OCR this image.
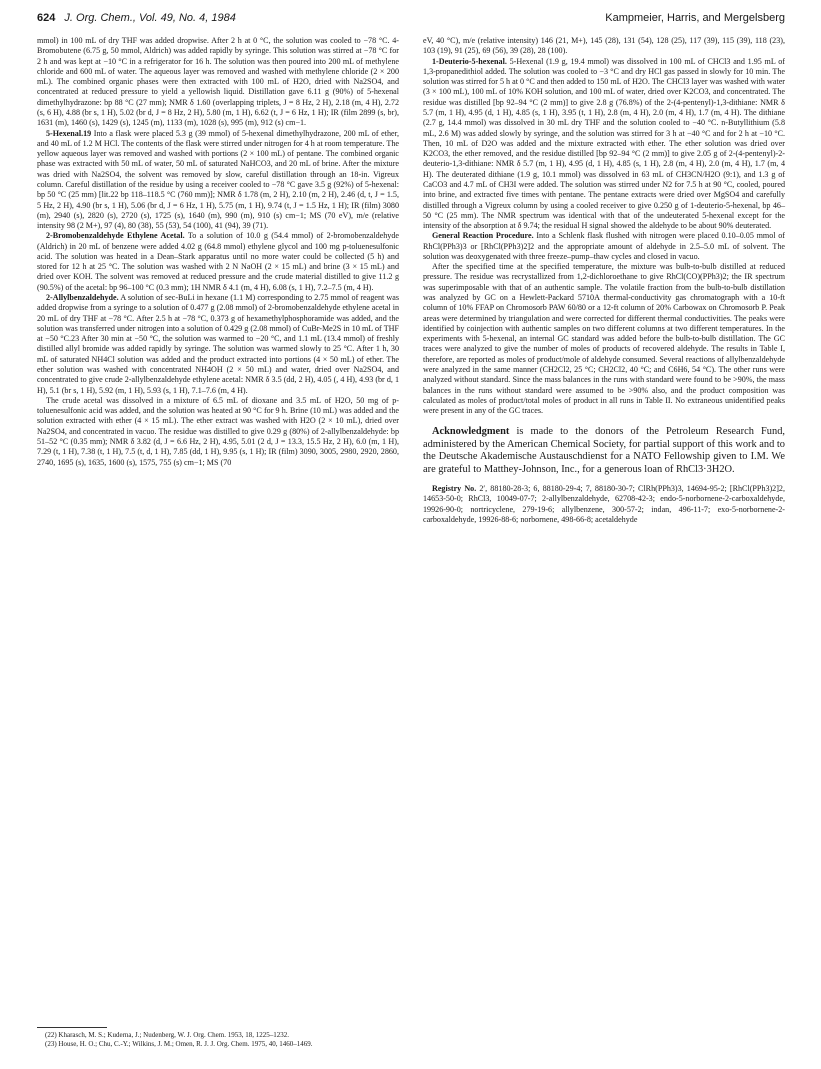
624 J. Org. Chem., Vol. 49, No. 4, 1984	Kampmeier, Harris, and Mergelsberg

mmol) in 100 mL of dry THF was added dropwise. After 2 h at 0 °C, the solution was cooled to −78 °C. 4-Bromobutene (6.75 g, 50 mmol, Aldrich) was added rapidly by syringe. This solution was stirred at −78 °C for 2 h and was kept at −10 °C in a refrigerator for 16 h. The solution was then poured into 200 mL of methylene chloride and 600 mL of water. The aqueous layer was removed and washed with methylene chloride (2 × 200 mL). The combined organic phases were then extracted with 100 mL of H2O, dried with Na2SO4, and concentrated at reduced pressure to yield a yellowish liquid. Distillation gave 6.11 g (90%) of 5-hexenal dimethylhydrazone: bp 88 °C (27 mm); NMR δ 1.60 (overlapping triplets, J = 8 Hz, 2 H), 2.18 (m, 4 H), 2.72 (s, 6 H), 4.88 (br s, 1 H), 5.02 (br d, J = 8 Hz, 2 H), 5.80 (m, 1 H), 6.62 (t, J = 6 Hz, 1 H); IR (film 2899 (s, br), 1631 (m), 1460 (s), 1429 (s), 1245 (m), 1133 (m), 1028 (s), 995 (m), 912 (s) cm−1.

5-Hexenal.19 Into a flask were placed 5.3 g (39 mmol) of 5-hexenal dimethylhydrazone, 200 mL of ether, and 40 mL of 1.2 M HCl. The contents of the flask were stirred under nitrogen for 4 h at room temperature. The yellow aqueous layer was removed and washed with portions (2 × 100 mL) of pentane. The combined organic phase was extracted with 50 mL of water, 50 mL of saturated NaHCO3, and 20 mL of brine. After the mixture was dried with Na2SO4, the solvent was removed by slow, careful distillation through an 18-in. Vigreux column. Careful distillation of the residue by using a receiver cooled to −78 °C gave 3.5 g (92%) of 5-hexenal: bp 50 °C (25 mm) [lit.22 bp 118–118.5 °C (760 mm)]; NMR δ 1.78 (m, 2 H), 2.10 (m, 2 H), 2.46 (d, t, J = 1.5, 5 Hz, 2 H), 4.90 (br s, 1 H), 5.06 (br d, J = 6 Hz, 1 H), 5.75 (m, 1 H), 9.74 (t, J = 1.5 Hz, 1 H); IR (film) 3080 (m), 2940 (s), 2820 (s), 2720 (s), 1725 (s), 1640 (m), 990 (m), 910 (s) cm−1; MS (70 eV), m/e (relative intensity 98 (2 M+), 97 (4), 80 (38), 55 (53), 54 (100), 41 (94), 39 (71).

2-Bromobenzaldehyde Ethylene Acetal. To a solution of 10.0 g (54.4 mmol) of 2-bromobenzaldehyde (Aldrich) in 20 mL of benzene were added 4.02 g (64.8 mmol) ethylene glycol and 100 mg p-toluenesulfonic acid. The solution was heated in a Dean–Stark apparatus until no more water could be collected (5 h) and stored for 12 h at 25 °C. The solution was washed with 2 N NaOH (2 × 15 mL) and brine (3 × 15 mL) and dried over KOH. The solvent was removed at reduced pressure and the crude material distilled to give 11.2 g (90.5%) of the acetal: bp 96–100 °C (0.3 mm); 1H NMR δ 4.1 (m, 4 H), 6.08 (s, 1 H), 7.2–7.5 (m, 4 H).

2-Allylbenzaldehyde. A solution of sec-BuLi in hexane (1.1 M) corresponding to 2.75 mmol of reagent was added dropwise from a syringe to a solution of 0.477 g (2.08 mmol) of 2-bromobenzaldehyde ethylene acetal in 20 mL of dry THF at −78 °C. After 2.5 h at −78 °C, 0.373 g of hexamethylphosphoramide was added, and the solution was transferred under nitrogen into a solution of 0.429 g (2.08 mmol) of CuBr-Me2S in 10 mL of THF at −50 °C.23 After 30 min at −50 °C, the solution was warmed to −20 °C, and 1.1 mL (13.4 mmol) of freshly distilled allyl bromide was added rapidly by syringe. The solution was warmed slowly to 25 °C. After 1 h, 30 mL of saturated NH4Cl solution was added and the product extracted into portions (4 × 50 mL) of ether. The ether solution was washed with concentrated NH4OH (2 × 50 mL) and water, dried over Na2SO4, and concentrated to give crude 2-allylbenzaldehyde ethylene acetal: NMR δ 3.5 (dd, 2 H), 4.05 (, 4 H), 4.93 (br d, 1 H), 5.1 (br s, 1 H), 5.92 (m, 1 H), 5.93 (s, 1 H), 7.1–7.6 (m, 4 H).

The crude acetal was dissolved in a mixture of 6.5 mL of dioxane and 3.5 mL of H2O, 50 mg of p-toluenesulfonic acid was added, and the solution was heated at 90 °C for 9 h. Brine (10 mL) was added and the solution extracted with ether (4 × 15 mL). The ether extract was washed with H2O (2 × 10 mL), dried over Na2SO4, and concentrated in vacuo. The residue was distilled to give 0.29 g (80%) of 2-allylbenzaldehyde: bp 51–52 °C (0.35 mm); NMR δ 3.82 (d, J = 6.6 Hz, 2 H), 4.95, 5.01 (2 d, J = 13.3, 15.5 Hz, 2 H), 6.0 (m, 1 H), 7.29 (t, 1 H), 7.38 (t, 1 H), 7.5 (t, d, 1 H), 7.85 (dd, 1 H), 9.95 (s, 1 H); IR (film) 3090, 3005, 2980, 2920, 2860, 2740, 1695 (s), 1635, 1600 (s), 1575, 755 (s) cm−1; MS (70

eV, 40 °C), m/e (relative intensity) 146 (21, M+), 145 (28), 131 (54), 128 (25), 117 (39), 115 (39), 118 (23), 103 (19), 91 (25), 69 (56), 39 (28), 28 (100).

1-Deuterio-5-hexenal. 5-Hexenal (1.9 g, 19.4 mmol) was dissolved in 100 mL of CHCl3 and 1.95 mL of 1,3-propanedithiol added. The solution was cooled to −3 °C and dry HCl gas passed in slowly for 10 min. The solution was stirred for 5 h at 0 °C and then added to 150 mL of H2O. The CHCl3 layer was washed with water (3 × 100 mL), 100 mL of 10% KOH solution, and 100 mL of water, dried over K2CO3, and concentrated. The residue was distilled [bp 92–94 °C (2 mm)] to give 2.8 g (76.8%) of the 2-(4-pentenyl)-1,3-dithiane: NMR δ 5.7 (m, 1 H), 4.95 (d, 1 H), 4.85 (s, 1 H), 3.95 (t, 1 H), 2.8 (m, 4 H), 2.0 (m, 4 H), 1.7 (m, 4 H). The dithiane (2.7 g, 14.4 mmol) was dissolved in 30 mL dry THF and the solution cooled to −40 °C. n-Butyllithium (5.8 mL, 2.6 M) was added slowly by syringe, and the solution was stirred for 3 h at −40 °C and for 2 h at −10 °C. Then, 10 mL of D2O was added and the mixture extracted with ether. The ether solution was dried over K2CO3, the ether removed, and the residue distilled [bp 92–94 °C (2 mm)] to give 2.05 g of 2-(4-pentenyl)-2-deuterio-1,3-dithiane: NMR δ 5.7 (m, 1 H), 4.95 (d, 1 H), 4.85 (s, 1 H), 2.8 (m, 4 H), 2.0 (m, 4 H), 1.7 (m, 4 H). The deuterated dithiane (1.9 g, 10.1 mmol) was dissolved in 63 mL of CH3CN/H2O (9:1), and 1.3 g of CaCO3 and 4.7 mL of CH3I were added. The solution was stirred under N2 for 7.5 h at 90 °C, cooled, poured into brine, and extracted five times with pentane. The pentane extracts were dried over MgSO4 and carefully distilled through a Vigreux column by using a cooled receiver to give 0.250 g of 1-deuterio-5-hexenal, bp 46–50 °C (25 mm). The NMR spectrum was identical with that of the undeuterated 5-hexenal except for the intensity of the absorption at δ 9.74; the residual H signal showed the aldehyde to be about 90% deuterated.

General Reaction Procedure. Into a Schlenk flask flushed with nitrogen were placed 0.10–0.05 mmol of RhCl(PPh3)3 or [RhCl(PPh3)2]2 and the appropriate amount of aldehyde in 2.5–5.0 mL of solvent. The solution was deoxygenated with three freeze–pump–thaw cycles and closed in vacuo.

After the specified time at the specified temperature, the mixture was bulb-to-bulb distilled at reduced pressure. The residue was recrystallized from 1,2-dichloroethane to give RhCl(CO)(PPh3)2; the IR spectrum was superimposable with that of an authentic sample. The volatile fraction from the bulb-to-bulb distillation was analyzed by GC on a Hewlett-Packard 5710A thermal-conductivity gas chromatograph with a 10-ft column of 10% FFAP on Chromosorb PAW 60/80 or a 12-ft column of 20% Carbowax on Chromosorb P. Peak areas were determined by triangulation and were corrected for different thermal conductivities. The peaks were identified by coinjection with authentic samples on two different columns at two different temperatures. In the experiments with 5-hexenal, an internal GC standard was added before the bulb-to-bulb distillation. The GC traces were analyzed to give the number of moles of products of recovered aldehyde. The results in Table I, therefore, are reported as moles of product/mole of aldehyde consumed. Several reactions of allylbenzaldehyde were analyzed in the same manner (CH2Cl2, 25 °C; CH2Cl2, 40 °C; and C6H6, 54 °C). The other runs were analyzed without standard. Since the mass balances in the runs with standard were found to be >90%, the mass balances in the runs without standard were assumed to be >90% also, and the product composition was calculated as moles of product/total moles of product in all runs in Table II. No extraneous unidentified peaks were present in any of the GC traces.

Acknowledgment is made to the donors of the Petroleum Research Fund, administered by the American Chemical Society, for partial support of this work and to the Deutsche Akademische Austauschdienst for a NATO Fellowship given to I.M. We are grateful to Matthey-Johnson, Inc., for a generous loan of RhCl3·3H2O.

Registry No. 2′, 88180-28-3; 6, 88180-29-4; 7, 88180-30-7; ClRh(PPh3)3, 14694-95-2; [RhCl(PPh3)2]2, 14653-50-0; RhCl3, 10049-07-7; 2-allylbenzaldehyde, 62708-42-3; endo-5-norbornene-2-carboxaldehyde, 19926-90-0; nortricyclene, 279-19-6; allylbenzene, 300-57-2; indan, 496-11-7; exo-5-norbornene-2-carboxaldehyde, 19926-88-6; norbornene, 498-66-8; acetaldehyde

(22) Kharasch, M. S.; Kuderna, J.; Nudenberg, W. J. Org. Chem. 1953, 18, 1225–1232.

(23) House, H. O.; Chu, C.-Y.; Wilkins, J. M.; Omen, R. J. J. Org. Chem. 1975, 40, 1460–1469.
